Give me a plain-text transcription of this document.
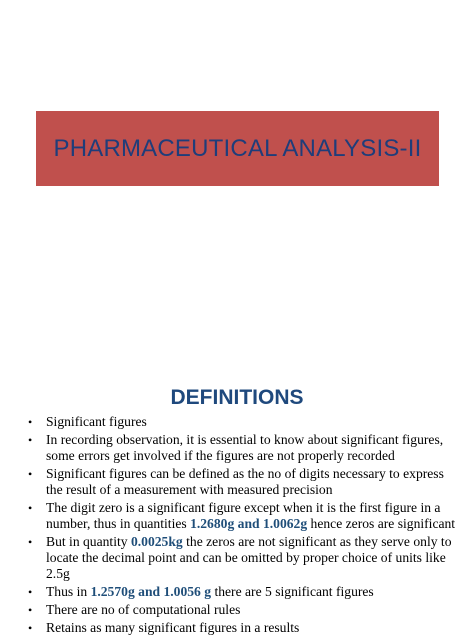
PHARMACEUTICAL ANALYSIS-II
DEFINITIONS
• Significant figures
• In recording observation, it is essential to know about significant figures, some errors get involved if the figures are not properly recorded
• Significant figures can be defined as the no of digits necessary to express the result of a measurement with measured precision
• The digit zero is a significant figure except when it is the first figure in a number, thus in quantities 1.2680g and 1.0062g hence zeros are significant
• But in quantity 0.0025kg the zeros are not significant as they serve only to locate the decimal point and can be omitted by proper choice of units like 2.5g
• Thus in 1.2570g and 1.0056 g there are 5 significant figures
• There are no of computational rules
• Retains as many significant figures in a results
